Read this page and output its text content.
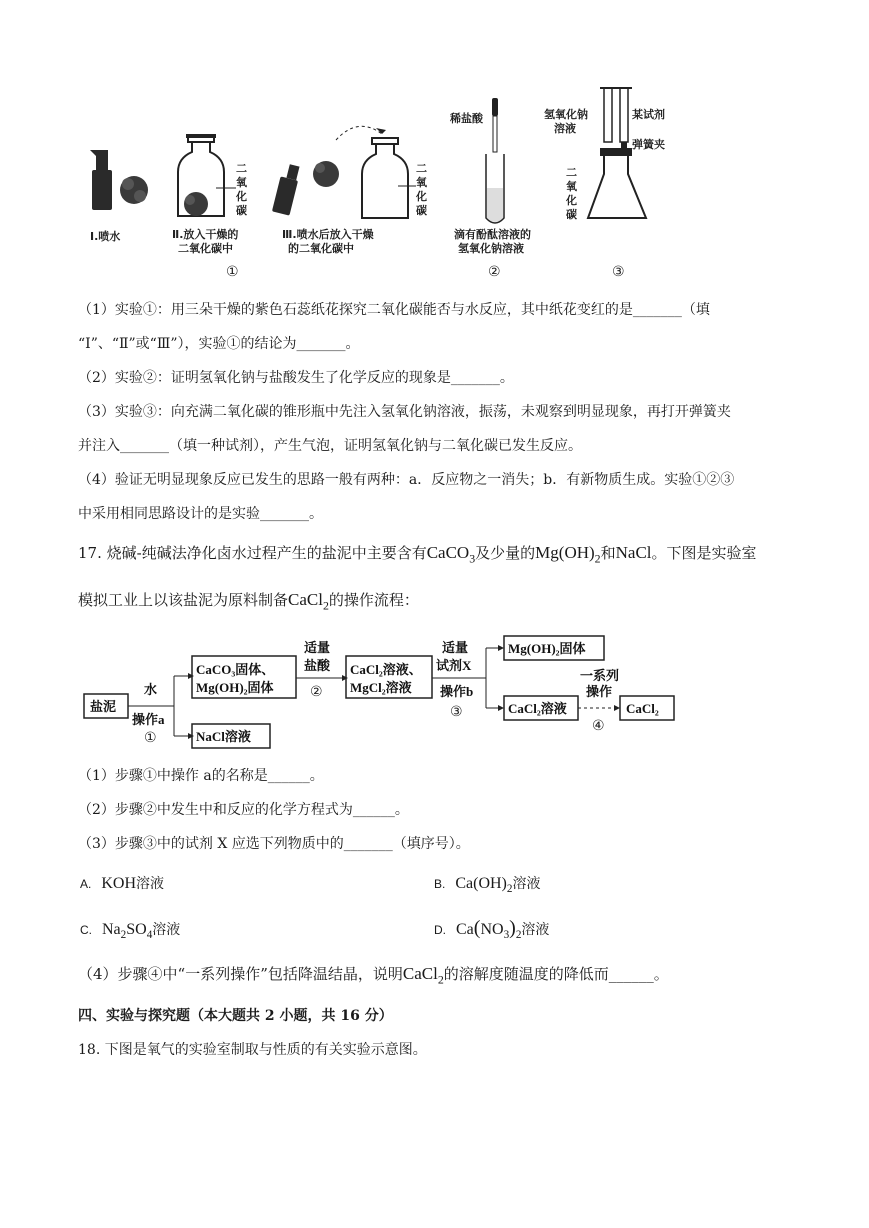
Ⅰ.喷水
二
氧
化
碳
Ⅱ.放入干燥的
二氧化碳中
①
二
氧
化
碳
Ⅲ.喷水后放入干燥
的二氧化碳中
稀盐酸
滴有酚酞溶液的
氢氧化钠溶液
②
氢氧化钠
溶液
某试剂
弹簧夹
二
氧
化
碳
③
（1）实验①：用三朵干燥的紫色石蕊纸花探究二氧化碳能否与水反应，其中纸花变红的是_______（填
“Ⅰ”、“Ⅱ”或“Ⅲ”），实验①的结论为_______。
（2）实验②：证明氢氧化钠与盐酸发生了化学反应的现象是_______。
（3）实验③：向充满二氧化碳的锥形瓶中先注入氢氧化钠溶液，振荡，未观察到明显现象，再打开弹簧夹
并注入_______（填一种试剂），产生气泡，证明氢氧化钠与二氧化碳已发生反应。
（4）验证无明显现象反应已发生的思路一般有两种：a．反应物之一消失；b．有新物质生成。实验①②③
中采用相同思路设计的是实验_______。
17. 烧碱-纯碱法净化卤水过程产生的盐泥中主要含有CaCO$_3$及少量的$Mg(OH)_2$和NaCl。下图是实验室
模拟工业上以该盐泥为原料制备CaCl$_2$的操作流程：
盐泥
水
操作a
①
CaCO₃固体、
Mg(OH)₂固体
NaCl溶液
适量
盐酸
②
CaCl₂溶液、
MgCl₂溶液
适量
试剂X
操作b
③
Mg(OH)₂固体
CaCl₂溶液
一系列
操作
④
CaCl₂
（1）步骤①中操作 a的名称是______。
（2）步骤②中发生中和反应的化学方程式为______。
（3）步骤③中的试剂 X 应选下列物质中的_______（填序号）。
A. KOH溶液	B. $Ca(OH)_2$溶液
C. $Na_2SO_4$溶液	D. $Ca(NO_3)_2$溶液
（4）步骤④中“一系列操作”包括降温结晶，说明CaCl$_2$的溶解度随温度的降低而______。
四、实验与探究题（本大题共 2 小题，共 16 分）
18. 下图是氧气的实验室制取与性质的有关实验示意图。
